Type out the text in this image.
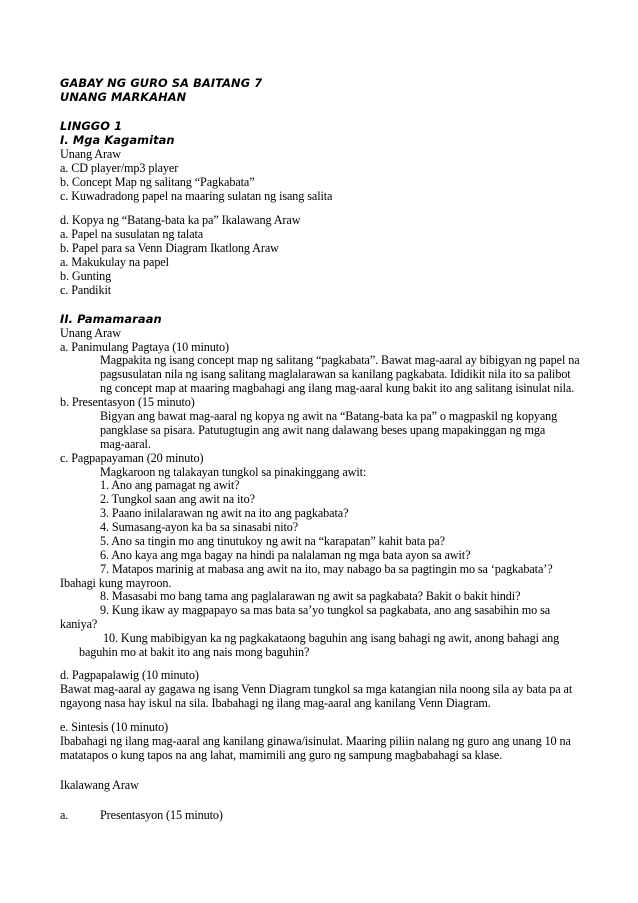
GABAY NG GURO SA BAITANG 7
UNANG MARKAHAN
LINGGO 1
I. Mga Kagamitan
Unang Araw
a. CD player/mp3 player
b. Concept Map ng salitang “Pagkabata”
c. Kuwadradong papel na maaring sulatan ng isang salita
d. Kopya ng “Batang-bata ka pa” Ikalawang Araw
a. Papel na susulatan ng talata
b. Papel para sa Venn Diagram Ikatlong Araw
a. Makukulay na papel
b. Gunting
c. Pandikit
II. Pamamaraan
Unang Araw
a. Panimulang Pagtaya (10 minuto)
Magpakita ng isang concept map ng salitang “pagkabata”. Bawat mag-aaral ay bibigyan ng papel na
pagsusulatan nila ng isang salitang maglalarawan sa kanilang pagkabata. Ididikit nila ito sa palibot
ng concept map at maaring magbahagi ang ilang mag-aaral kung bakit ito ang salitang isinulat nila.
b. Presentasyon (15 minuto)
Bigyan ang bawat mag-aaral ng kopya ng awit na “Batang-bata ka pa” o magpaskil ng kopyang
pangklase sa pisara. Patutugtugin ang awit nang dalawang beses upang mapakinggan ng mga
mag-aaral.
c. Pagpapayaman (20 minuto)
Magkaroon ng talakayan tungkol sa pinakinggang awit:
1. Ano ang pamagat ng awit?
2. Tungkol saan ang awit na ito?
3. Paano inilalarawan ng awit na ito ang pagkabata?
4. Sumasang-ayon ka ba sa sinasabi nito?
5. Ano sa tingin mo ang tinutukoy ng awit na “karapatan” kahit bata pa?
6. Ano kaya ang mga bagay na hindi pa nalalaman ng mga bata ayon sa awit?
7. Matapos marinig at mabasa ang awit na ito, may nabago ba sa pagtingin mo sa ‘pagkabata’?
Ibahagi kung mayroon.
8. Masasabi mo bang tama ang paglalarawan ng awit sa pagkabata? Bakit o bakit hindi?
9. Kung ikaw ay magpapayo sa mas bata sa’yo tungkol sa pagkabata, ano ang sasabihin mo sa
kaniya?
10. Kung mabibigyan ka ng pagkakataong baguhin ang isang bahagi ng awit, anong bahagi ang
baguhin mo at bakit ito ang nais mong baguhin?
d. Pagpapalawig (10 minuto)
Bawat mag-aaral ay gagawa ng isang Venn Diagram tungkol sa mga katangian nila noong sila ay bata pa at
ngayong nasa hay iskul na sila. Ibabahagi ng ilang mag-aaral ang kanilang Venn Diagram.
e. Sintesis (10 minuto)
Ibabahagi ng ilang mag-aaral ang kanilang ginawa/isinulat. Maaring piliin nalang ng guro ang unang 10 na
matatapos o kung tapos na ang lahat, mamimili ang guro ng sampung magbabahagi sa klase.
Ikalawang Araw
a.	Presentasyon (15 minuto)
